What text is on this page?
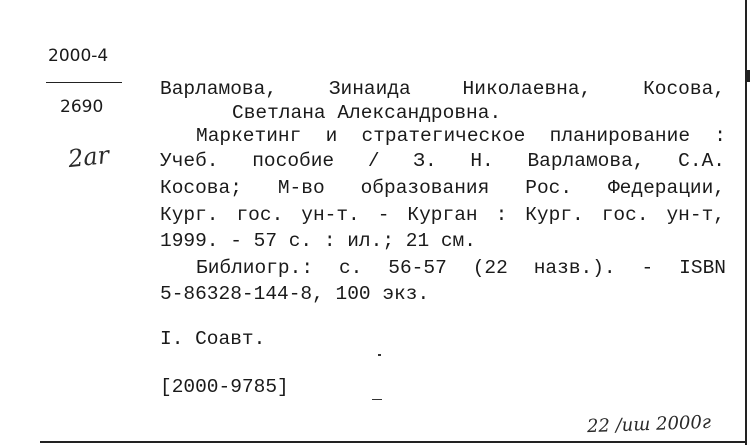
2000-4
2690
2ar
Варламова, Зинаида Николаевна, Косова,
Светлана Александровна.
Маркетинг и стратегическое планирование :
Учеб. пособие / З. Н. Варламова, С.А.
Косова; М-во образования Рос. Федерации,
Кург. гос. ун-т. - Курган : Кург. гос. ун-т,
1999. - 57 с. : ил.; 21 см.
Библиогр.: с. 56-57 (22 назв.). - ISBN
5-86328-144-8, 100 экз.
I. Соавт.
[2000-9785]
22 /иш 2000г
